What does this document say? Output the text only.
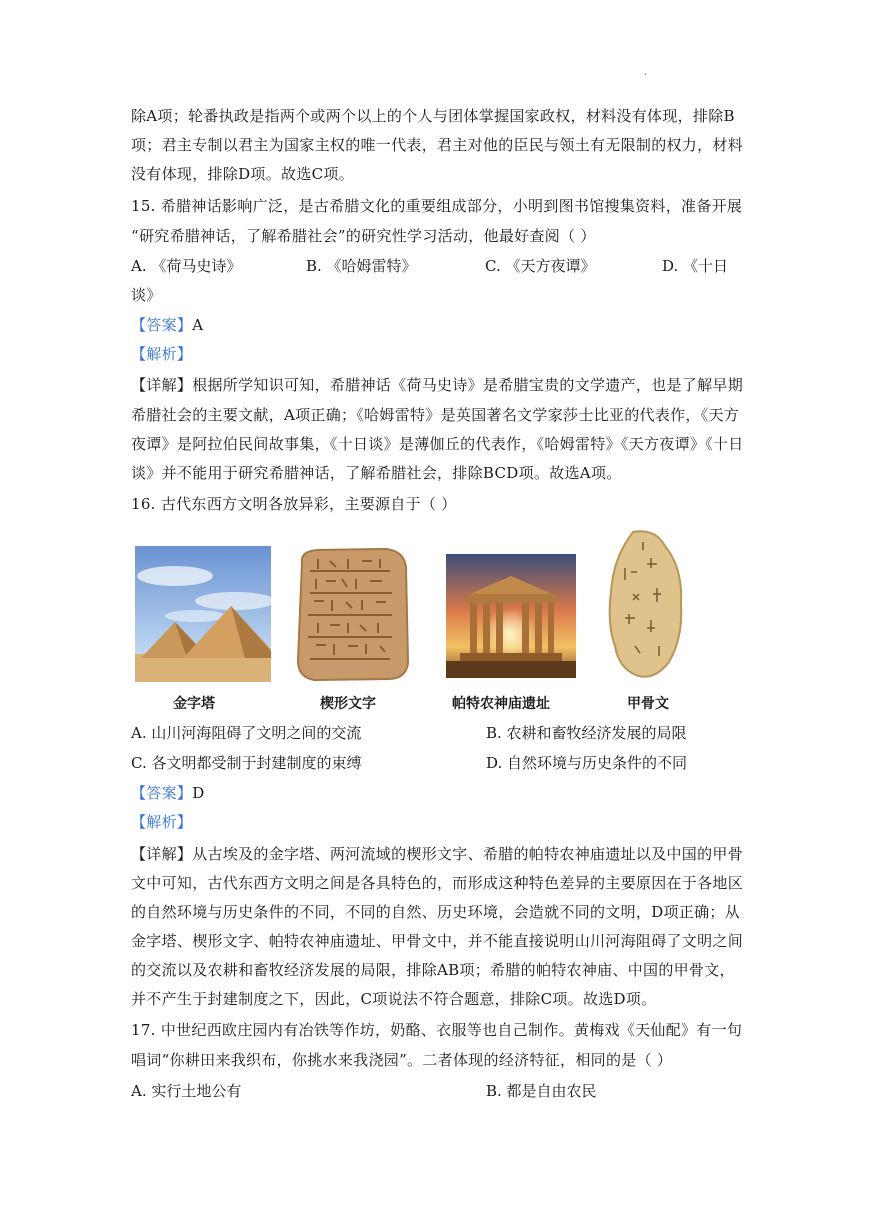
·
除A项；轮番执政是指两个或两个以上的个人与团体掌握国家政权，材料没有体现，排除B
项；君主专制以君主为国家主权的唯一代表，君主对他的臣民与领土有无限制的权力，材料
没有体现，排除D项。故选C项。
15. 希腊神话影响广泛，是古希腊文化的重要组成部分，小明到图书馆搜集资料，准备开展
“研究希腊神话，了解希腊社会”的研究性学习活动，他最好查阅（ ）
A. 《荷马史诗》	B. 《哈姆雷特》	C. 《天方夜谭》	D. 《十日
谈》
【答案】A
【解析】
【详解】根据所学知识可知，希腊神话《荷马史诗》是希腊宝贵的文学遗产，也是了解早期
希腊社会的主要文献，A项正确；《哈姆雷特》是英国著名文学家莎士比亚的代表作，《天方
夜谭》是阿拉伯民间故事集，《十日谈》是薄伽丘的代表作，《哈姆雷特》《天方夜谭》《十日
谈》并不能用于研究希腊神话，了解希腊社会，排除BCD项。故选A项。
16. 古代东西方文明各放异彩，主要源自于（ ）
金字塔	楔形文字	帕特农神庙遗址	甲骨文
A. 山川河海阻碍了文明之间的交流	B. 农耕和畜牧经济发展的局限
C. 各文明都受制于封建制度的束缚	D. 自然环境与历史条件的不同
【答案】D
【解析】
【详解】从古埃及的金字塔、两河流域的楔形文字、希腊的帕特农神庙遗址以及中国的甲骨
文中可知，古代东西方文明之间是各具特色的，而形成这种特色差异的主要原因在于各地区
的自然环境与历史条件的不同，不同的自然、历史环境，会造就不同的文明，D项正确；从
金字塔、楔形文字、帕特农神庙遗址、甲骨文中，并不能直接说明山川河海阻碍了文明之间
的交流以及农耕和畜牧经济发展的局限，排除AB项；希腊的帕特农神庙、中国的甲骨文，
并不产生于封建制度之下，因此，C项说法不符合题意，排除C项。故选D项。
17. 中世纪西欧庄园内有冶铁等作坊，奶酪、衣服等也自己制作。黄梅戏《天仙配》有一句
唱词“你耕田来我织布，你挑水来我浇园”。二者体现的经济特征，相同的是（ ）
A. 实行土地公有	B. 都是自由农民
